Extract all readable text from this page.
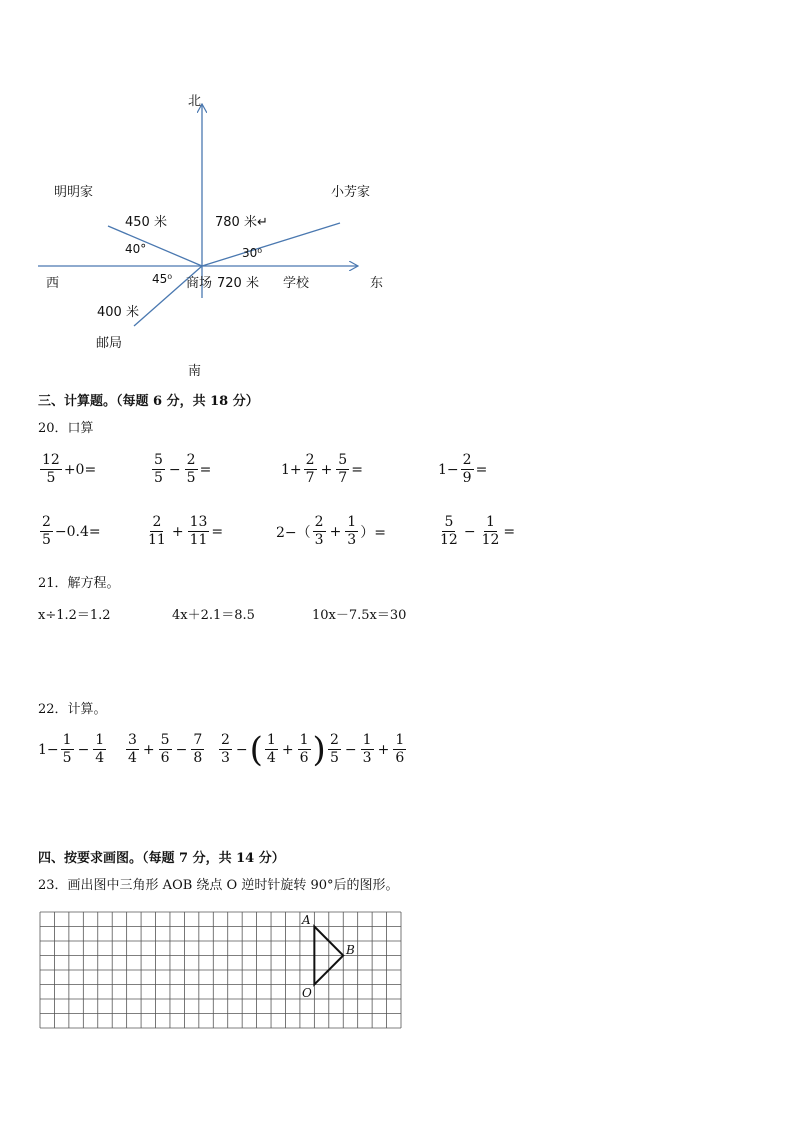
北
南
西	东
明明家	小芳家
450 米	780 米↵
40°	30⁰
45⁰ 商场 720 米 学校
400 米
邮局
三、计算题。（每题 6 分，共 18 分）
20．口算
$\frac{12}{5} +0=$	$\frac{5}{5} - \frac{2}{5}$ =	$1+ \frac{2}{7} + \frac{5}{7}$ =	$1- \frac{2}{9}$ =
$\frac{2}{5} -0.4=$	$\frac{2}{11} + \frac{13}{11}$ =	$2-( \frac{2}{3} + \frac{1}{3}$ ）=	$\frac{5}{12} - \frac{1}{12}$ =
21．解方程。
x÷1.2＝1.2	4x＋2.1＝8.5	10x－7.5x＝30
22．计算。
$1- \frac{1}{5} - \frac{1}{4} \frac{3}{4} + \frac{5}{6} - \frac{7}{8} \frac{2}{3}$ − ( $\frac{1}{4} + \frac{1}{6}$ ) $\frac{2}{5} - \frac{1}{3} + \frac{1}{6}$
四、按要求画图。（每题 7 分，共 14 分）
23．画出图中三角形 AOB 绕点 O 逆时针旋转 90°后的图形。
A
B
O
